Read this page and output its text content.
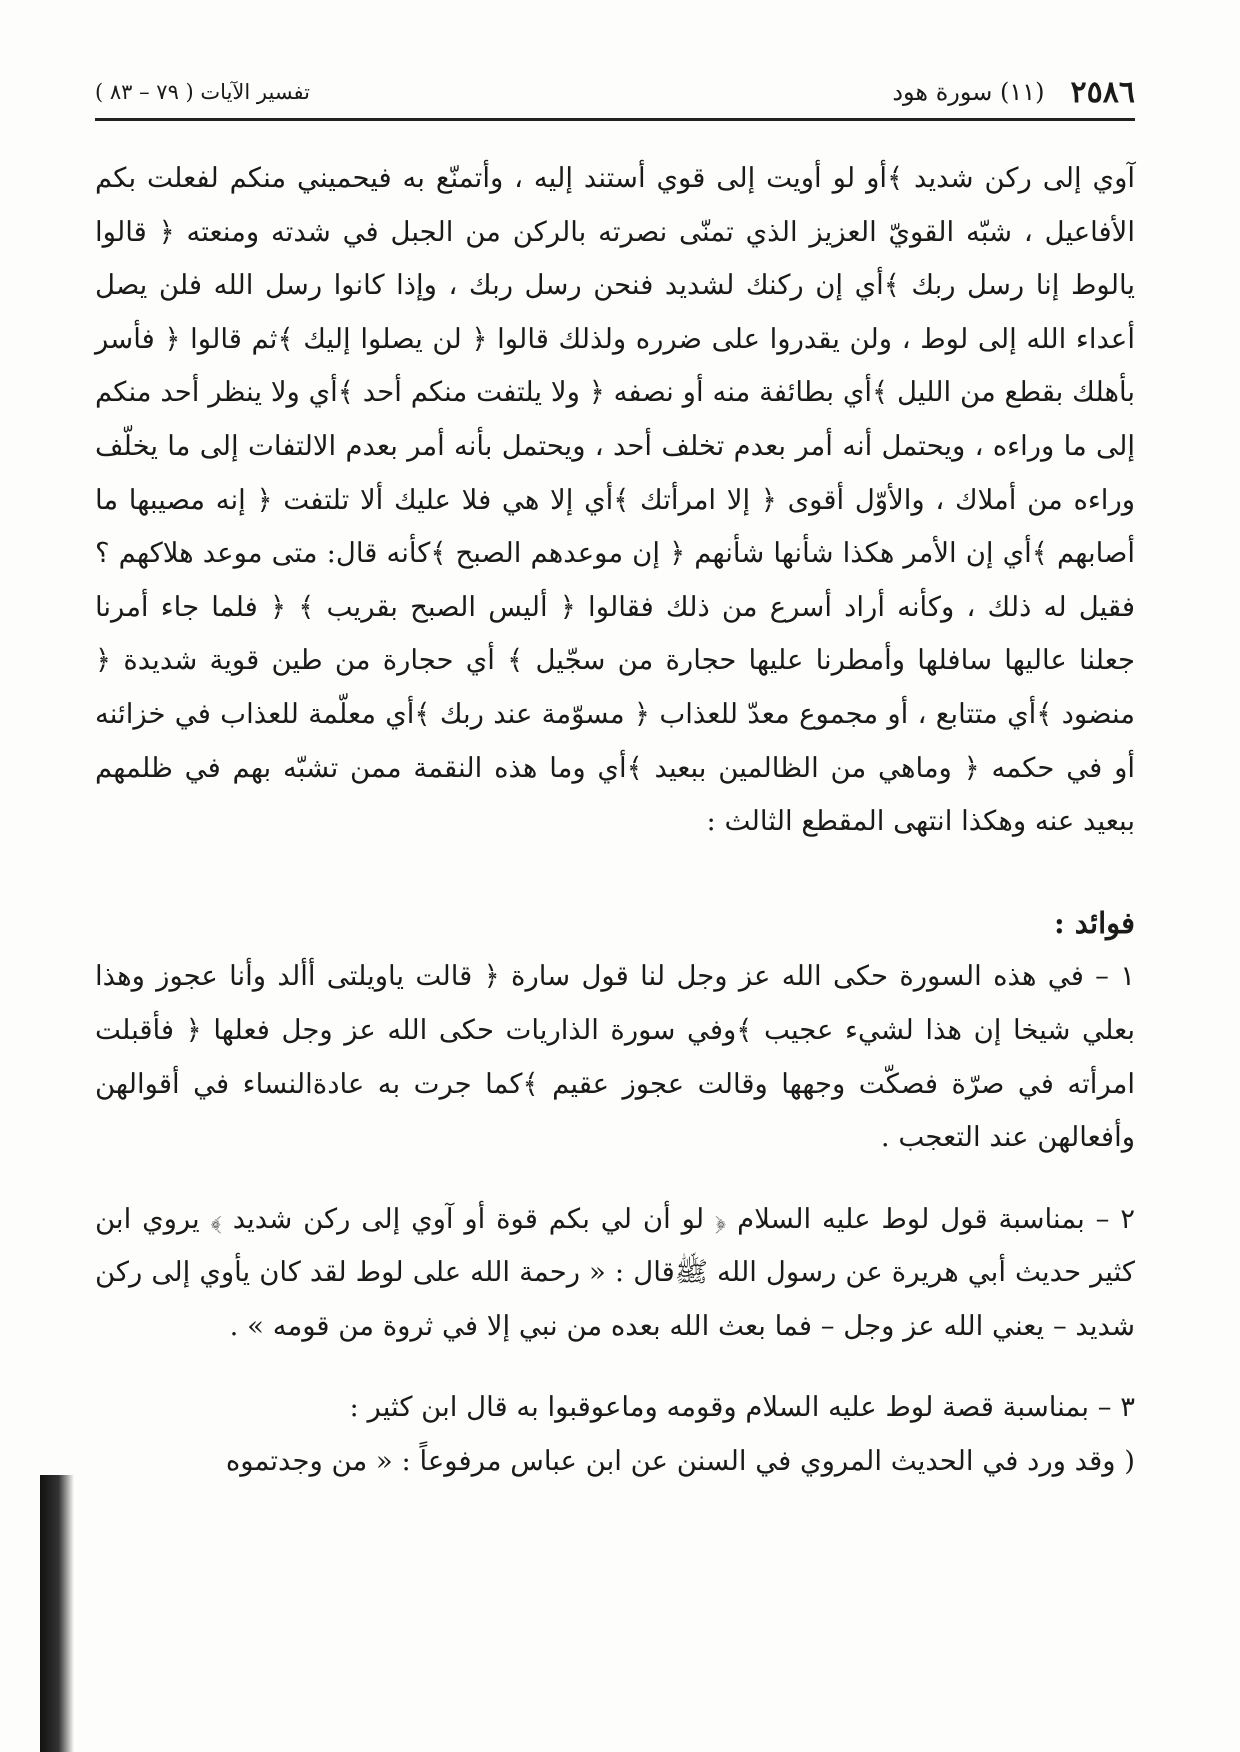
٢٥٨٦
(١١) سورة هود
تفسير الآيات ( ٧٩ – ٨٣ )

آوي إلى ركن شديد ﴾أو لو أويت إلى قوي أستند إليه ، وأتمنّع به فيحميني منكم لفعلت بكم الأفاعيل ، شبّه القويّ العزيز الذي تمنّى نصرته بالركن من الجبل في شدته ومنعته ﴿ قالوا يالوط إنا رسل ربك ﴾أي إن ركنك لشديد فنحن رسل ربك ، وإذا كانوا رسل الله فلن يصل أعداء الله إلى لوط ، ولن يقدروا على ضرره ولذلك قالوا ﴿ لن يصلوا إليك ﴾ثم قالوا ﴿ فأسر بأهلك بقطع من الليل ﴾أي بطائفة منه أو نصفه ﴿ ولا يلتفت منكم أحد ﴾أي ولا ينظر أحد منكم إلى ما وراءه ، ويحتمل أنه أمر بعدم تخلف أحد ، ويحتمل بأنه أمر بعدم الالتفات إلى ما يخلّف وراءه من أملاك ، والأوّل أقوى ﴿ إلا امرأتك ﴾أي إلا هي فلا عليك ألا تلتفت ﴿ إنه مصيبها ما أصابهم ﴾أي إن الأمر هكذا شأنها شأنهم ﴿ إن موعدهم الصبح ﴾كأنه قال: متى موعد هلاكهم ؟ فقيل له ذلك ، وكأنه أراد أسرع من ذلك فقالوا ﴿ أليس الصبح بقريب ﴾ ﴿ فلما جاء أمرنا جعلنا عاليها سافلها وأمطرنا عليها حجارة من سجّيل ﴾ أي حجارة من طين قوية شديدة ﴿ منضود ﴾أي متتابع ، أو مجموع معدّ للعذاب ﴿ مسوّمة عند ربك ﴾أي معلّمة للعذاب في خزائنه أو في حكمه ﴿ وماهي من الظالمين ببعيد ﴾أي وما هذه النقمة ممن تشبّه بهم في ظلمهم ببعيد عنه وهكذا انتهى المقطع الثالث :

فوائد :

١ – في هذه السورة حكى الله عز وجل لنا قول سارة ﴿ قالت ياويلتى أألد وأنا عجوز وهذا بعلي شيخا إن هذا لشيء عجيب ﴾وفي سورة الذاريات حكى الله عز وجل فعلها ﴿ فأقبلت امرأته في صرّة فصكّت وجهها وقالت عجوز عقيم ﴾كما جرت به عادةالنساء في أقوالهن وأفعالهن عند التعجب .

٢ – بمناسبة قول لوط عليه السلام ﴿ لو أن لي بكم قوة أو آوي إلى ركن شديد ﴾ يروي ابن كثير حديث أبي هريرة عن رسول الله ﷺقال : « رحمة الله على لوط لقد كان يأوي إلى ركن شديد – يعني الله عز وجل – فما بعث الله بعده من نبي إلا في ثروة من قومه » .

٣ – بمناسبة قصة لوط عليه السلام وقومه وماعوقبوا به قال ابن كثير :

( وقد ورد في الحديث المروي في السنن عن ابن عباس مرفوعاً : « من وجدتموه
